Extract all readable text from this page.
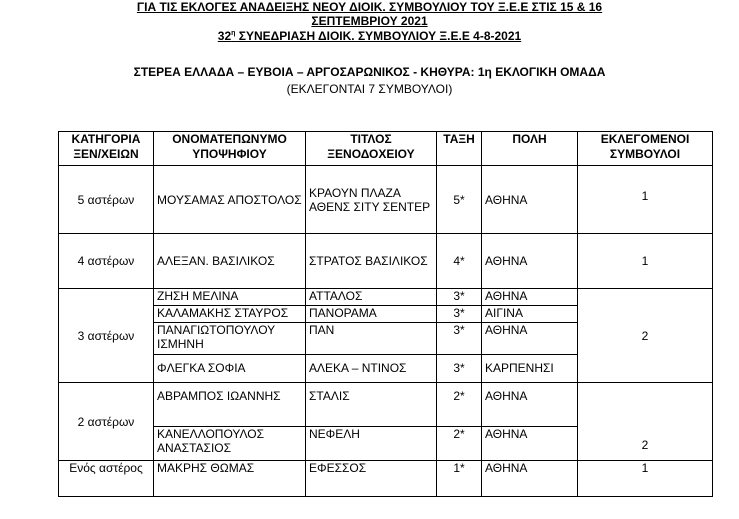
ΓΙΑ ΤΙΣ ΕΚΛΟΓΕΣ ΑΝΑΔΕΙΞΗΣ ΝΕΟΥ ΔΙΟΙΚ. ΣΥΜΒΟΥΛΙΟΥ ΤΟΥ Ξ.Ε.Ε ΣΤΙΣ 15 & 16
ΣΕΠΤΕΜΒΡΙΟΥ 2021
$32^\eta$ ΣΥΝΕΔΡΙΑΣΗ ΔΙΟΙΚ. ΣΥΜΒΟΥΛΙΟΥ Ξ.Ε.Ε 4-8-2021
ΣΤΕΡΕΑ ΕΛΛΑΔΑ – ΕΥΒΟΙΑ – ΑΡΓΟΣΑΡΩΝΙΚΟΣ - ΚΗΘΥΡΑ: 1η ΕΚΛΟΓΙΚΗ ΟΜΑΔΑ
(ΕΚΛΕΓΟΝΤΑΙ 7 ΣΥΜΒΟΥΛΟΙ)
ΚΑΤΗΓΟΡΙΑ ΞΕΝ/ΧΕΙΩΝ	ΟΝΟΜΑΤΕΠΩΝΥΜΟ ΥΠΟΨΗΦΙΟΥ	ΤΙΤΛΟΣ ΞΕΝΟΔΟΧΕΙΟΥ	ΤΑΞΗ	ΠΟΛΗ	ΕΚΛΕΓΟΜΕΝΟΙ ΣΥΜΒΟΥΛΟΙ
5 αστέρων	ΜΟΥΣΑΜΑΣ ΑΠΟΣΤΟΛΟΣ	ΚΡΑΟΥΝ ΠΛΑΖΑ ΑΘΕΝΣ ΣΙΤΥ ΣΕΝΤΕΡ	5*	ΑΘΗΝΑ	1
4 αστέρων	ΑΛΕΞΑΝ. ΒΑΣΙΛΙΚΟΣ	ΣΤΡΑΤΟΣ ΒΑΣΙΛΙΚΟΣ	4*	ΑΘΗΝΑ	1
3 αστέρων	ΖΗΣΗ ΜΕΛΙΝΑ	ΑΤΤΑΛΟΣ	3*	ΑΘΗΝΑ	2
	ΚΑΛΑΜΑΚΗΣ ΣΤΑΥΡΟΣ	ΠΑΝΟΡΑΜΑ	3*	ΑΙΓΙΝΑ	
	ΠΑΝΑΓΙΩΤΟΠΟΥΛΟΥ ΙΣΜΗΝΗ	ΠΑΝ	3*	ΑΘΗΝΑ	
	ΦΛΕΓΚΑ ΣΟΦΙΑ	ΑΛΕΚΑ – ΝΤΙΝΟΣ	3*	ΚΑΡΠΕΝΗΣΙ	
2 αστέρων	ΑΒΡΑΜΠΟΣ ΙΩΑΝΝΗΣ	ΣΤΑΛΙΣ	2*	ΑΘΗΝΑ	2
	ΚΑΝΕΛΛΟΠΟΥΛΟΣ ΑΝΑΣΤΑΣΙΟΣ	ΝΕΦΕΛΗ	2*	ΑΘΗΝΑ	
Ενός αστέρος	ΜΑΚΡΗΣ ΘΩΜΑΣ	ΕΦΕΣΣΟΣ	1*	ΑΘΗΝΑ	1
